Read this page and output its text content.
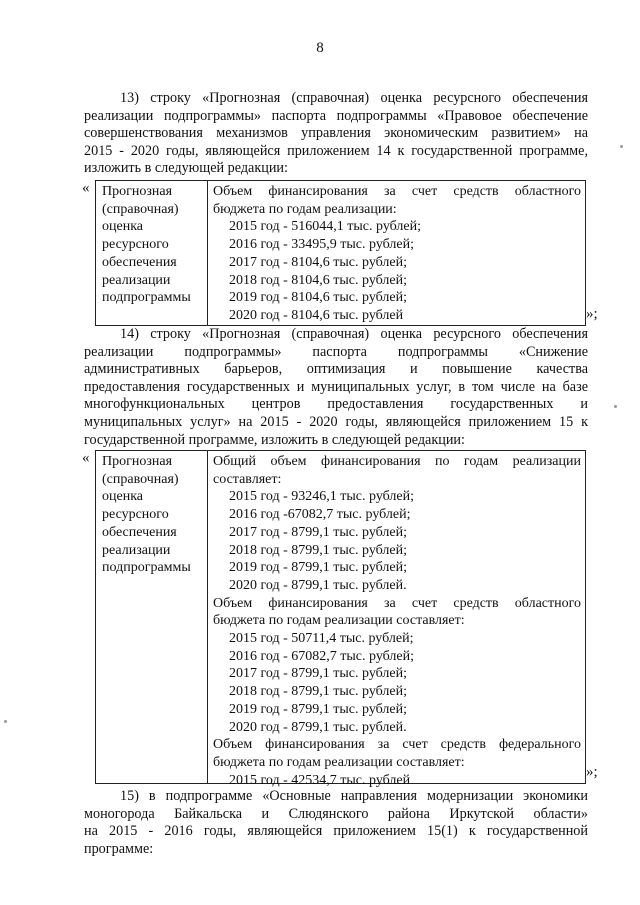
8
13) строку «Прогнозная (справочная) оценка ресурсного обеспечения
реализации подпрограммы» паспорта подпрограммы «Правовое обеспечение
совершенствования механизмов управления экономическим развитием» на
2015 - 2020 годы, являющейся приложением 14 к государственной программе,
изложить в следующей редакции:
« Прогнозная
(справочная)
оценка
ресурсного
обеспечения
реализации
подпрограммы
Объем финансирования за счет средств областного
бюджета по годам реализации:
2015 год - 516044,1 тыс. рублей;
2016 год - 33495,9 тыс. рублей;
2017 год - 8104,6 тыс. рублей;
2018 год - 8104,6 тыс. рублей;
2019 год - 8104,6 тыс. рублей;
2020 год - 8104,6 тыс. рублей	»;
14) строку «Прогнозная (справочная) оценка ресурсного обеспечения
реализации подпрограммы» паспорта подпрограммы «Снижение
административных барьеров, оптимизация и повышение качества
предоставления государственных и муниципальных услуг, в том числе на базе
многофункциональных центров предоставления государственных и
муниципальных услуг» на 2015 - 2020 годы, являющейся приложением 15 к
государственной программе, изложить в следующей редакции:
« Прогнозная
(справочная)
оценка
ресурсного
обеспечения
реализации
подпрограммы
Общий объем финансирования по годам реализации
составляет:
2015 год - 93246,1 тыс. рублей;
2016 год -67082,7 тыс. рублей;
2017 год - 8799,1 тыс. рублей;
2018 год - 8799,1 тыс. рублей;
2019 год - 8799,1 тыс. рублей;
2020 год - 8799,1 тыс. рублей.
Объем финансирования за счет средств областного
бюджета по годам реализации составляет:
2015 год - 50711,4 тыс. рублей;
2016 год - 67082,7 тыс. рублей;
2017 год - 8799,1 тыс. рублей;
2018 год - 8799,1 тыс. рублей;
2019 год - 8799,1 тыс. рублей;
2020 год - 8799,1 тыс. рублей.
Объем финансирования за счет средств федерального
бюджета по годам реализации составляет:
2015 год - 42534,7 тыс. рублей
»;
15) в подпрограмме «Основные направления модернизации экономики
моногорода Байкальска и Слюдянского района Иркутской области»
на 2015 - 2016 годы, являющейся приложением 15(1) к государственной
программе:
